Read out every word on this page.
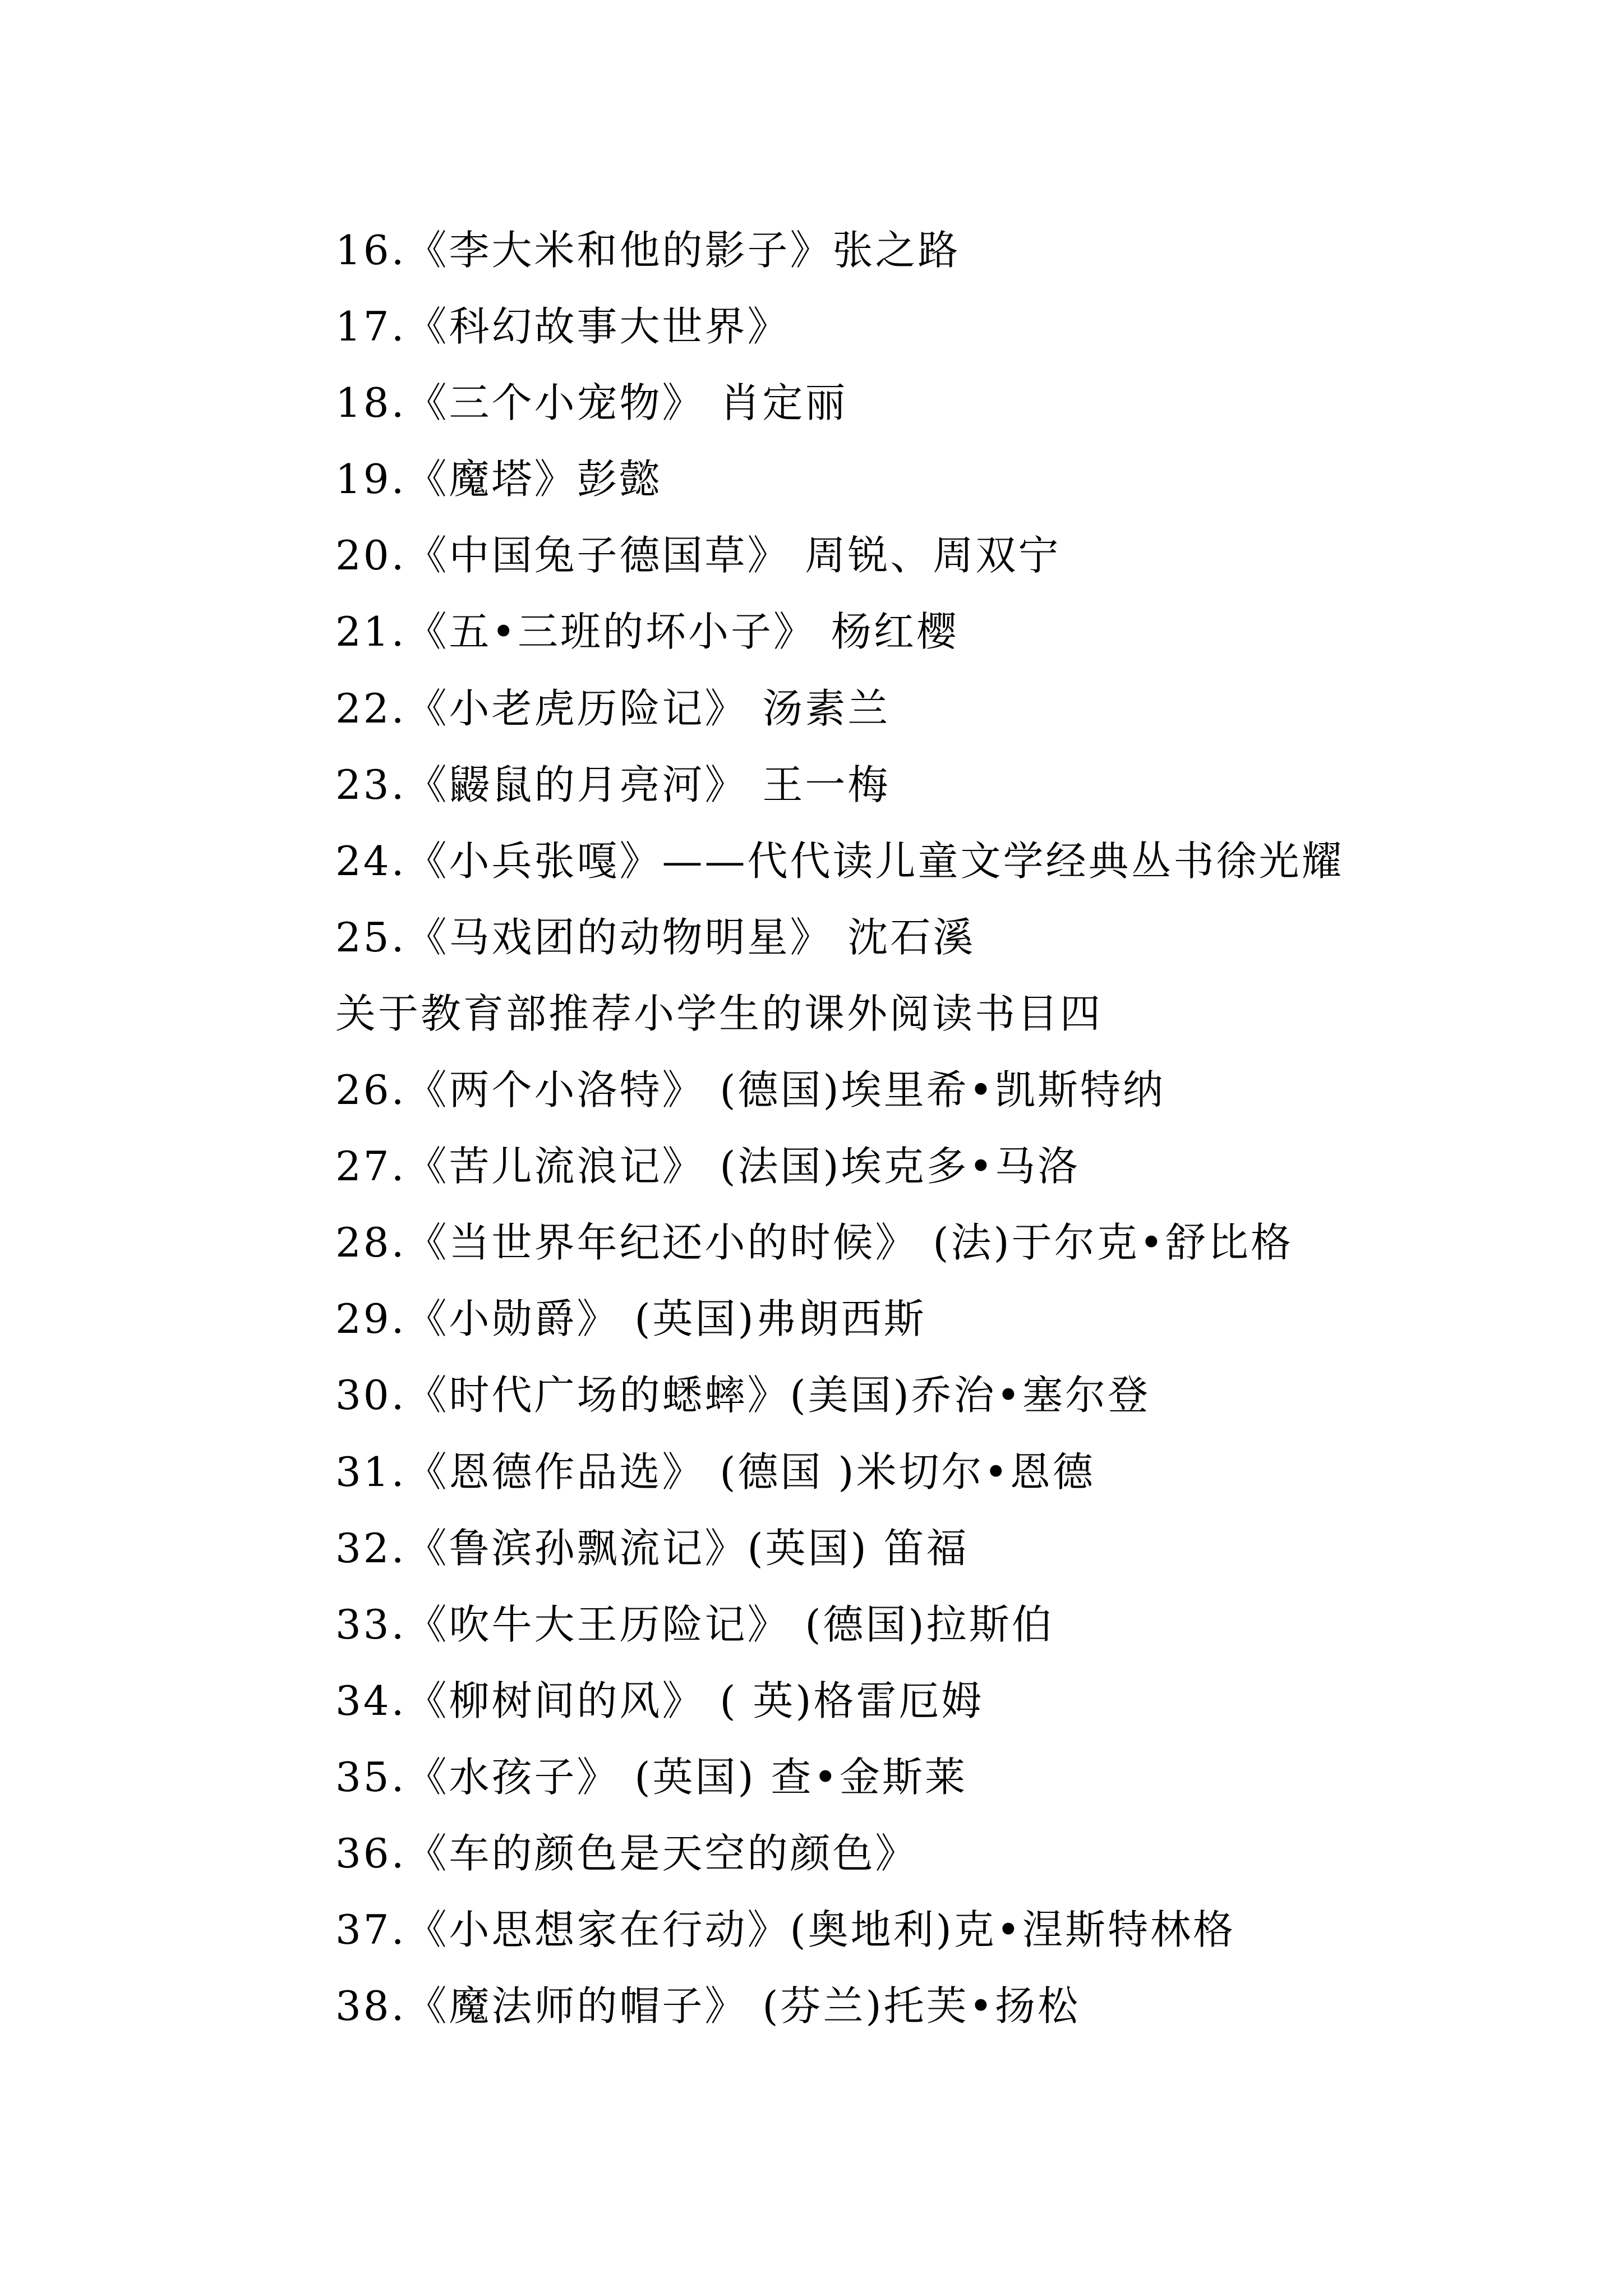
16.《李大米和他的影子》张之路
17.《科幻故事大世界》
18.《三个小宠物》 肖定丽
19.《魔塔》彭懿
20.《中国兔子德国草》 周锐、周双宁
21.《五•三班的坏小子》 杨红樱
22.《小老虎历险记》 汤素兰
23.《鼹鼠的月亮河》 王一梅
24.《小兵张嘎》——代代读儿童文学经典丛书徐光耀
25.《马戏团的动物明星》 沈石溪
关于教育部推荐小学生的课外阅读书目四
26.《两个小洛特》 (德国)埃里希•凯斯特纳
27.《苦儿流浪记》 (法国)埃克多•马洛
28.《当世界年纪还小的时候》 (法)于尔克•舒比格
29.《小勋爵》 (英国)弗朗西斯
30.《时代广场的蟋蟀》(美国)乔治•塞尔登
31.《恩德作品选》 (德国 )米切尔•恩德
32.《鲁滨孙飘流记》(英国) 笛福
33.《吹牛大王历险记》 (德国)拉斯伯
34.《柳树间的风》 ( 英)格雷厄姆
35.《水孩子》 (英国) 查•金斯莱
36.《车的颜色是天空的颜色》
37.《小思想家在行动》(奥地利)克•涅斯特林格
38.《魔法师的帽子》 (芬兰)托芙•扬松
